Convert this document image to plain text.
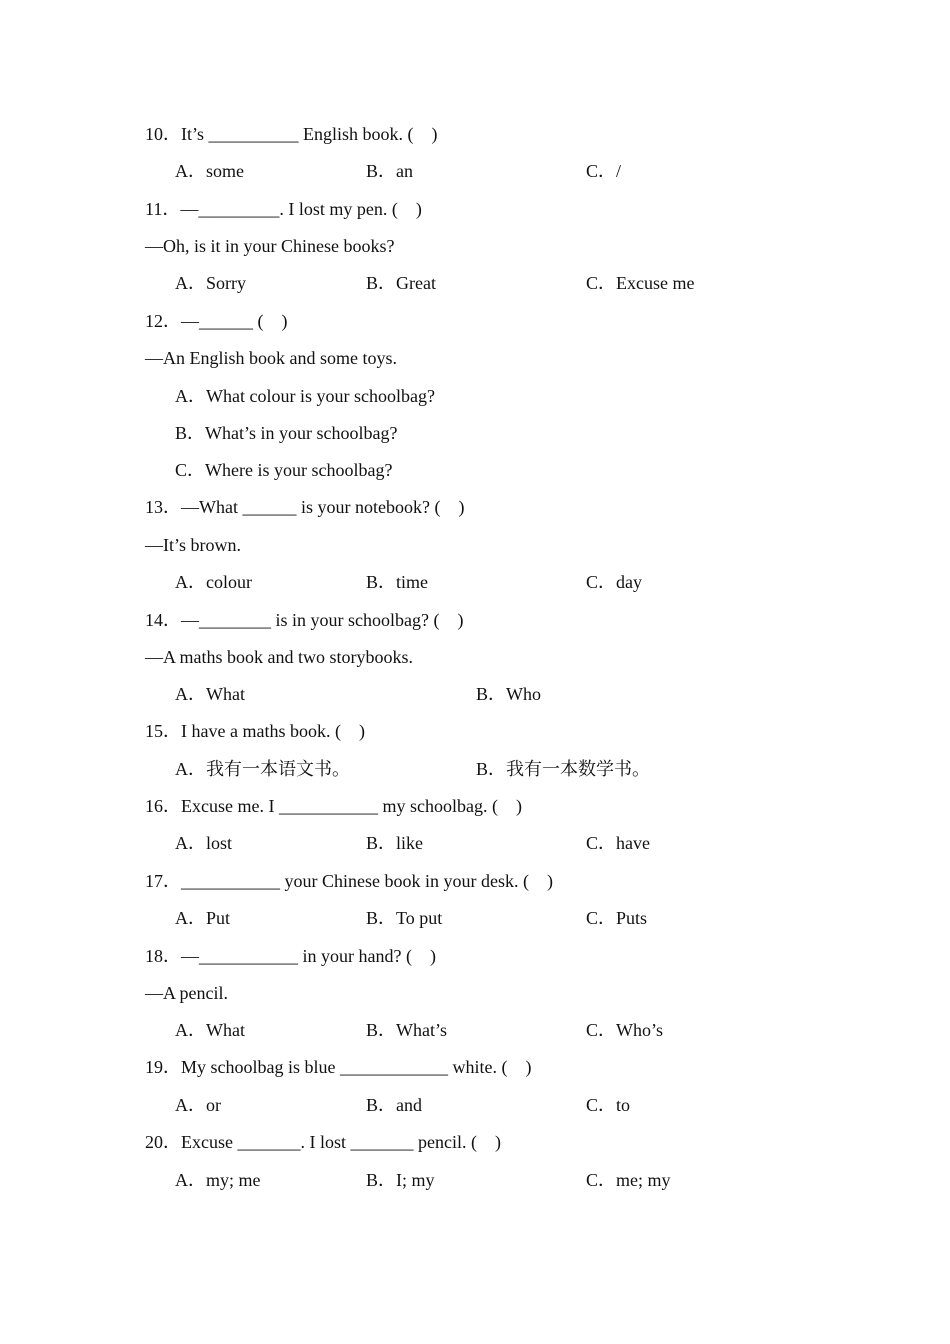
10．It’s __________ English book. (    )
A．some	B．an	C．/
11．—_________. I lost my pen. (    )
—Oh, is it in your Chinese books?
A．Sorry	B．Great	C．Excuse me
12．—______ (    )
—An English book and some toys.
A．What colour is your schoolbag?
B．What’s in your schoolbag?
C．Where is your schoolbag?
13．—What ______ is your notebook? (    )
—It’s brown.
A．colour	B．time	C．day
14．—________ is in your schoolbag? (    )
—A maths book and two storybooks.
A．What	B．Who
15．I have a maths book. (    )
A．我有一本语文书。	B．我有一本数学书。
16．Excuse me. I ___________ my schoolbag. (    )
A．lost	B．like	C．have
17．___________ your Chinese book in your desk. (    )
A．Put	B．To put	C．Puts
18．—___________ in your hand? (    )
—A pencil.
A．What	B．What’s	C．Who’s
19．My schoolbag is blue ____________ white. (    )
A．or	B．and	C．to
20．Excuse _______. I lost _______ pencil. (    )
A．my; me	B．I; my	C．me; my
